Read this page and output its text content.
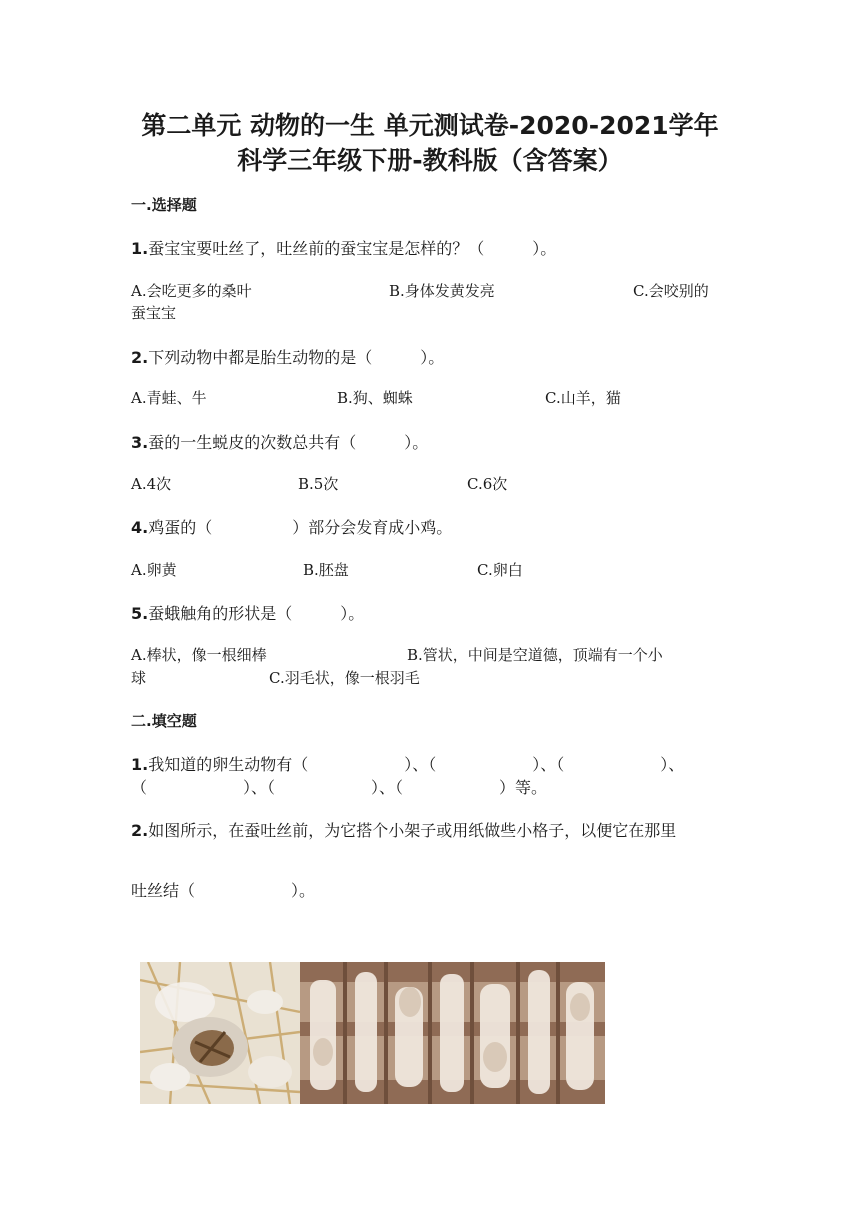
第二单元 动物的一生 单元测试卷-2020-2021学年
科学三年级下册-教科版（含答案）
一.选择题
1.蚕宝宝要吐丝了，吐丝前的蚕宝宝是怎样的？（　　　）。
A.会吃更多的桑叶	B.身体发黄发亮	C.会咬别的
蚕宝宝
2.下列动物中都是胎生动物的是（　　　）。
A.青蛙、牛	B.狗、蜘蛛	C.山羊，猫
3.蚕的一生蜕皮的次数总共有（　　　）。
A.4次	B.5次	C.6次
4.鸡蛋的（　　　　　）部分会发育成小鸡。
A.卵黄	B.胚盘	C.卵白
5.蚕蛾触角的形状是（　　　）。
A.棒状，像一根细棒	B.管状，中间是空道德，顶端有一个小
球	C.羽毛状，像一根羽毛
二.填空题
1.我知道的卵生动物有（　　　　　　）、（　　　　　　）、（　　　　　　）、
（　　　　　　）、（　　　　　　）、（　　　　　　）等。
2.如图所示，在蚕吐丝前，为它搭个小架子或用纸做些小格子，以便它在那里
吐丝结（　　　　　　）。
